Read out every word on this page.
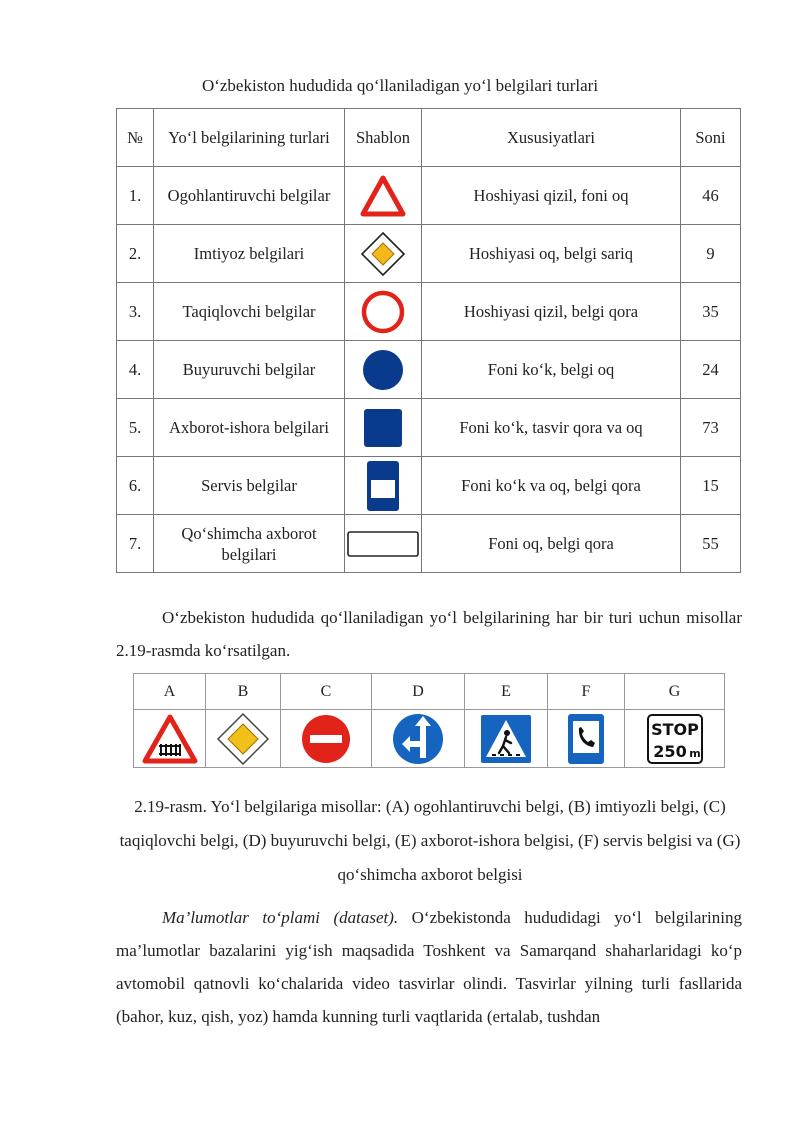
O‘zbekiston hududida qo‘llaniladigan yo‘l belgilari turlari
№	Yo‘l belgilarining turlari	Shablon	Xususiyatlari	Soni
1.	Ogohlantiruvchi belgilar		Hoshiyasi qizil, foni oq	46
2.	Imtiyoz belgilari		Hoshiyasi oq, belgi sariq	9
3.	Taqiqlovchi belgilar		Hoshiyasi qizil, belgi qora	35
4.	Buyuruvchi belgilar		Foni ko‘k, belgi oq	24
5.	Axborot-ishora belgilari		Foni ko‘k, tasvir qora va oq	73
6.	Servis belgilar		Foni ko‘k va oq, belgi qora	15
7.	Qo‘shimcha axborot belgilari		Foni oq, belgi qora	55
O‘zbekiston hududida qo‘llaniladigan yo‘l belgilarining har bir turi uchun misollar 2.19-rasmda ko‘rsatilgan.
A	B	C	D	E	F	G

STOP
250 m
2.19-rasm. Yo‘l belgilariga misollar: (A) ogohlantiruvchi belgi, (B) imtiyozli belgi, (C) taqiqlovchi belgi, (D) buyuruvchi belgi, (E) axborot-ishora belgisi, (F) servis belgisi va (G) qo‘shimcha axborot belgisi
Ma’lumotlar to‘plami (dataset). O‘zbekistonda hududidagi yo‘l belgilarining ma’lumotlar bazalarini yig‘ish maqsadida Toshkent va Samarqand shaharlaridagi ko‘p avtomobil qatnovli ko‘chalarida video tasvirlar olindi. Tasvirlar yilning turli fasllarida (bahor, kuz, qish, yoz) hamda kunning turli vaqtlarida (ertalab, tushdan
